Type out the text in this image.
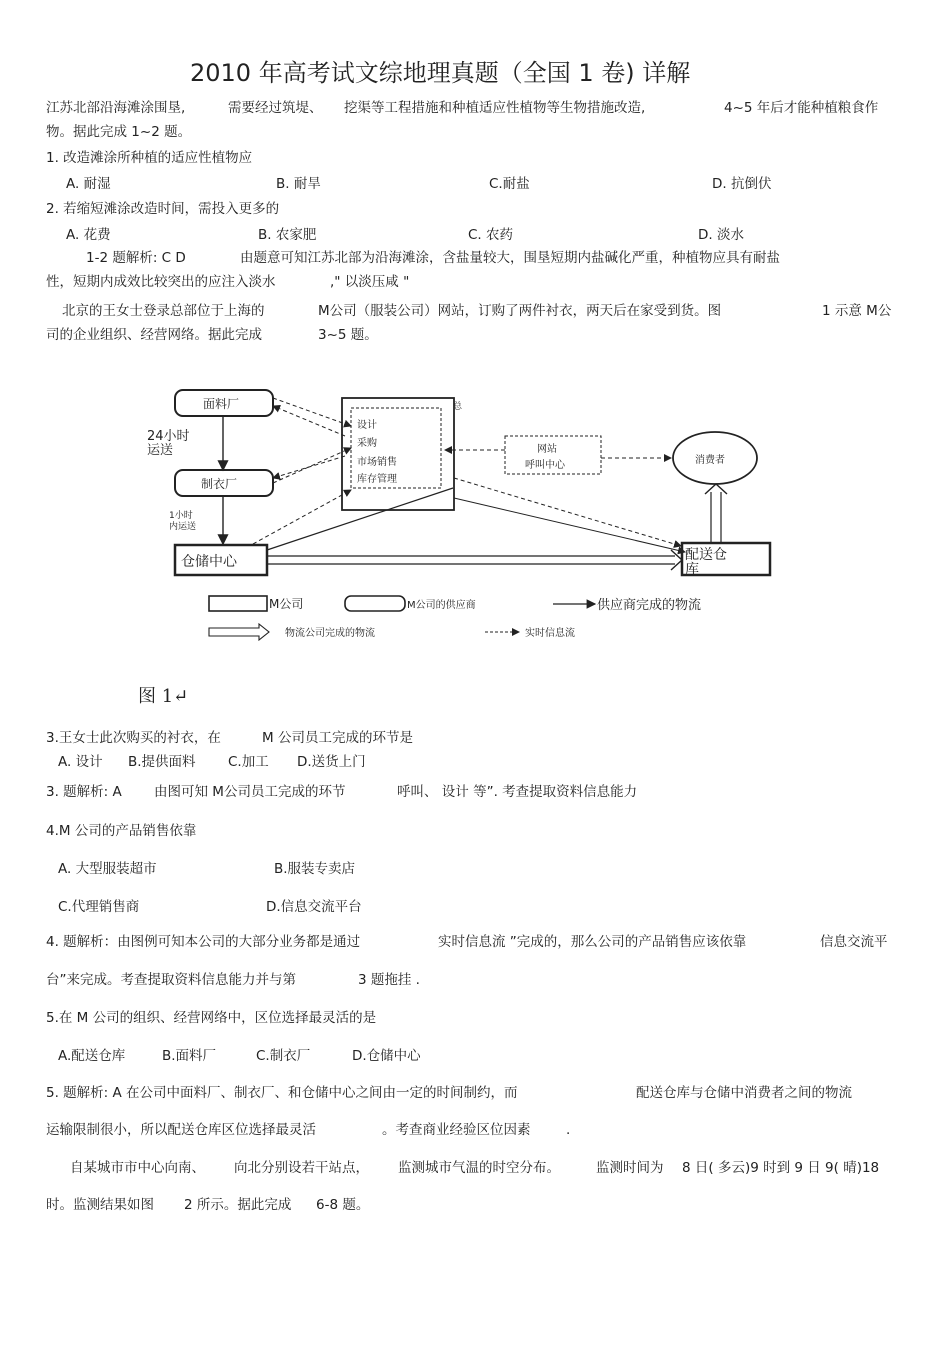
2010 年高考试文综地理真题（全国 1 卷) 详解
江苏北部沿海滩涂围垦,	需要经过筑堤、 挖渠等工程措施和种植适应性植物等生物措施改造,	4~5 年后才能种植粮食作
物。据此完成 1~2 题。
1. 改造滩涂所种植的适应性植物应
A. 耐湿	B. 耐旱	C.耐盐	D. 抗倒伏
2. 若缩短滩涂改造时间，需投入更多的
A. 花费	B. 农家肥	C. 农药	D. 淡水
1-2 题解析: C D	由题意可知江苏北部为沿海滩涂，含盐量较大，围垦短期内盐碱化严重，种植物应具有耐盐
性，短期内成效比较突出的应注入淡水	," 以淡压咸 "
北京的王女士登录总部位于上海的	M公司（服装公司）网站，订购了两件衬衣，两天后在家受到货。图	1 示意 M公
司的企业组织、经营网络。据此完成	3~5 题。
面料厂	总
设计
采购
市场销售
库存管理
网站
呼叫中心	消费者
24小时
运送
制衣厂
1小时
内运送
仓储中心	配送仓
库
M公司	M公司的供应商	供应商完成的物流
物流公司完成的物流	实时信息流
图 1↵
3.王女士此次购买的衬衣，在	M 公司员工完成的环节是
A. 设计 B.提供面料 C.加工 D.送货上门
3. 题解析: A 由图可知 M公司员工完成的环节	呼叫、 设计 等”. 考查提取资料信息能力
4.M 公司的产品销售依靠
A. 大型服装超市	B.服装专卖店
C.代理销售商	D.信息交流平台
4. 题解析：由图例可知本公司的大部分业务都是通过	实时信息流 ”完成的，那么公司的产品销售应该依靠	信息交流平
台”来完成。考查提取资料信息能力并与第	3 题拖挂 .
5.在 M 公司的组织、经营网络中，区位选择最灵活的是
A.配送仓库	B.面料厂	C.制衣厂	D.仓储中心
5. 题解析: A 在公司中面料厂、制衣厂、和仓储中心之间由一定的时间制约，而	配送仓库与仓储中消费者之间的物流
运输限制很小，所以配送仓库区位选择最灵活	。考查商业经验区位因素	.
自某城市市中心向南、 向北分别设若干站点， 监测城市气温的时空分布。	监测时间为 8 日( 多云)9 时到 9 日 9( 晴)18
时。监测结果如图 2 所示。据此完成 6-8 题。
